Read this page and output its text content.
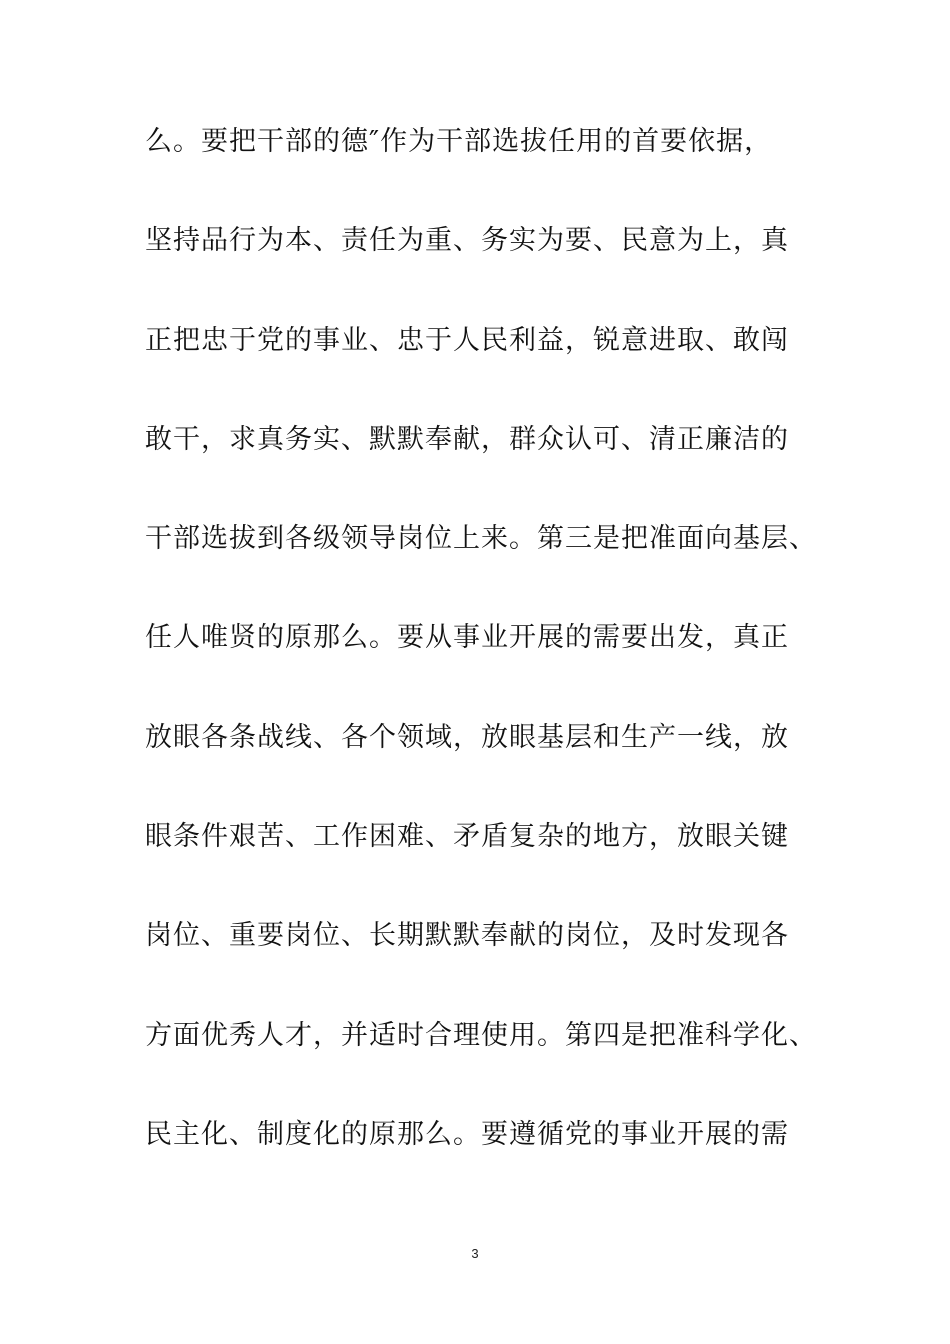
么。要把干部的德″作为干部选拔任用的首要依据，
坚持品行为本、责任为重、务实为要、民意为上，真
正把忠于党的事业、忠于人民利益，锐意进取、敢闯
敢干，求真务实、默默奉献，群众认可、清正廉洁的
干部选拔到各级领导岗位上来。第三是把准面向基层、
任人唯贤的原那么。要从事业开展的需要出发，真正
放眼各条战线、各个领域，放眼基层和生产一线，放
眼条件艰苦、工作困难、矛盾复杂的地方，放眼关键
岗位、重要岗位、长期默默奉献的岗位，及时发现各
方面优秀人才，并适时合理使用。第四是把准科学化、
民主化、制度化的原那么。要遵循党的事业开展的需
3
